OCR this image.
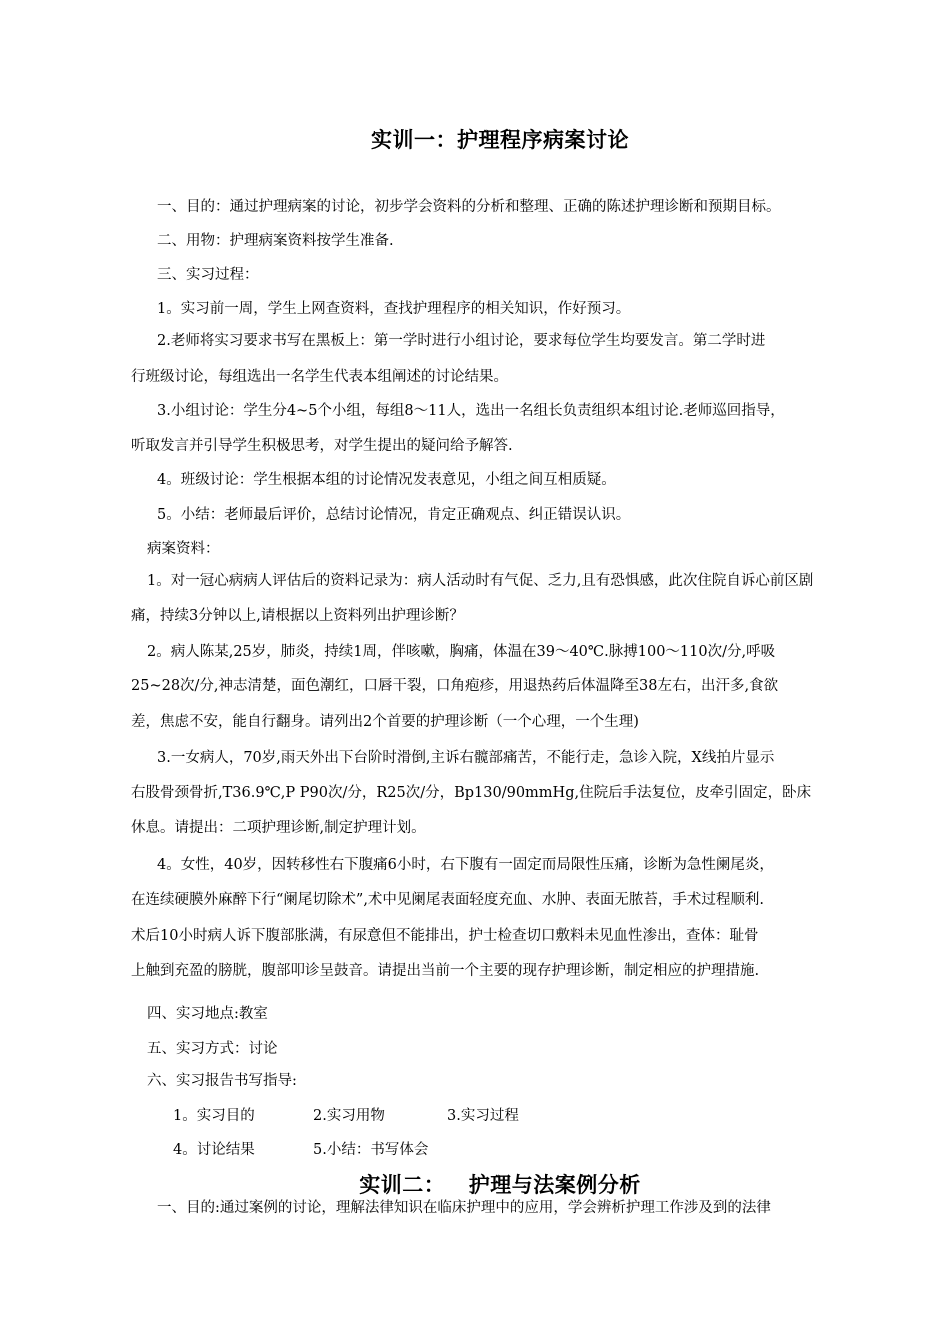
实训一：护理程序病案讨论
一、目的：通过护理病案的讨论，初步学会资料的分析和整理、正确的陈述护理诊断和预期目标。
二、用物：护理病案资料按学生准备.
三、实习过程：
1。实习前一周，学生上网查资料，查找护理程序的相关知识，作好预习。
2.老师将实习要求书写在黑板上：第一学时进行小组讨论，要求每位学生均要发言。第二学时进
行班级讨论，每组选出一名学生代表本组阐述的讨论结果。
3.小组讨论：学生分4~5个小组，每组8～11人，选出一名组长负责组织本组讨论.老师巡回指导，
听取发言并引导学生积极思考，对学生提出的疑问给予解答.
4。班级讨论：学生根据本组的讨论情况发表意见，小组之间互相质疑。
5。小结：老师最后评价，总结讨论情况，肯定正确观点、纠正错误认识。
病案资料：
1。对一冠心病病人评估后的资料记录为：病人活动时有气促、乏力,且有恐惧感，此次住院自诉心前区剧
痛，持续3分钟以上,请根据以上资料列出护理诊断？
2。病人陈某,25岁，肺炎，持续1周，伴咳嗽，胸痛，体温在39～40℃.脉搏100～110次/分,呼吸
25~28次/分,神志清楚，面色潮红，口唇干裂，口角疱疹，用退热药后体温降至38左右，出汗多,食欲
差，焦虑不安，能自行翻身。请列出2个首要的护理诊断（一个心理，一个生理)
3.一女病人，70岁,雨天外出下台阶时滑倒,主诉右髋部痛苦，不能行走，急诊入院，X线拍片显示
右股骨颈骨折,T36.9℃,P P90次/分，R25次/分，Bp130/90mmHg,住院后手法复位，皮牵引固定，卧床
休息。请提出：二项护理诊断,制定护理计划。
4。女性，40岁，因转移性右下腹痛6小时，右下腹有一固定而局限性压痛，诊断为急性阑尾炎，
在连续硬膜外麻醉下行“阑尾切除术”,术中见阑尾表面轻度充血、水肿、表面无脓苔，手术过程顺利.
术后10小时病人诉下腹部胀满，有尿意但不能排出，护士检查切口敷料未见血性渗出，查体：耻骨
上触到充盈的膀胱，腹部叩诊呈鼓音。请提出当前一个主要的现存护理诊断，制定相应的护理措施.
四、实习地点:教室
五、实习方式：讨论
六、实习报告书写指导:
1。实习目的	2.实习用物	3.实习过程
4。讨论结果	5.小结：书写体会
实训二：   护理与法案例分析
一、目的:通过案例的讨论，理解法律知识在临床护理中的应用，学会辨析护理工作涉及到的法律
